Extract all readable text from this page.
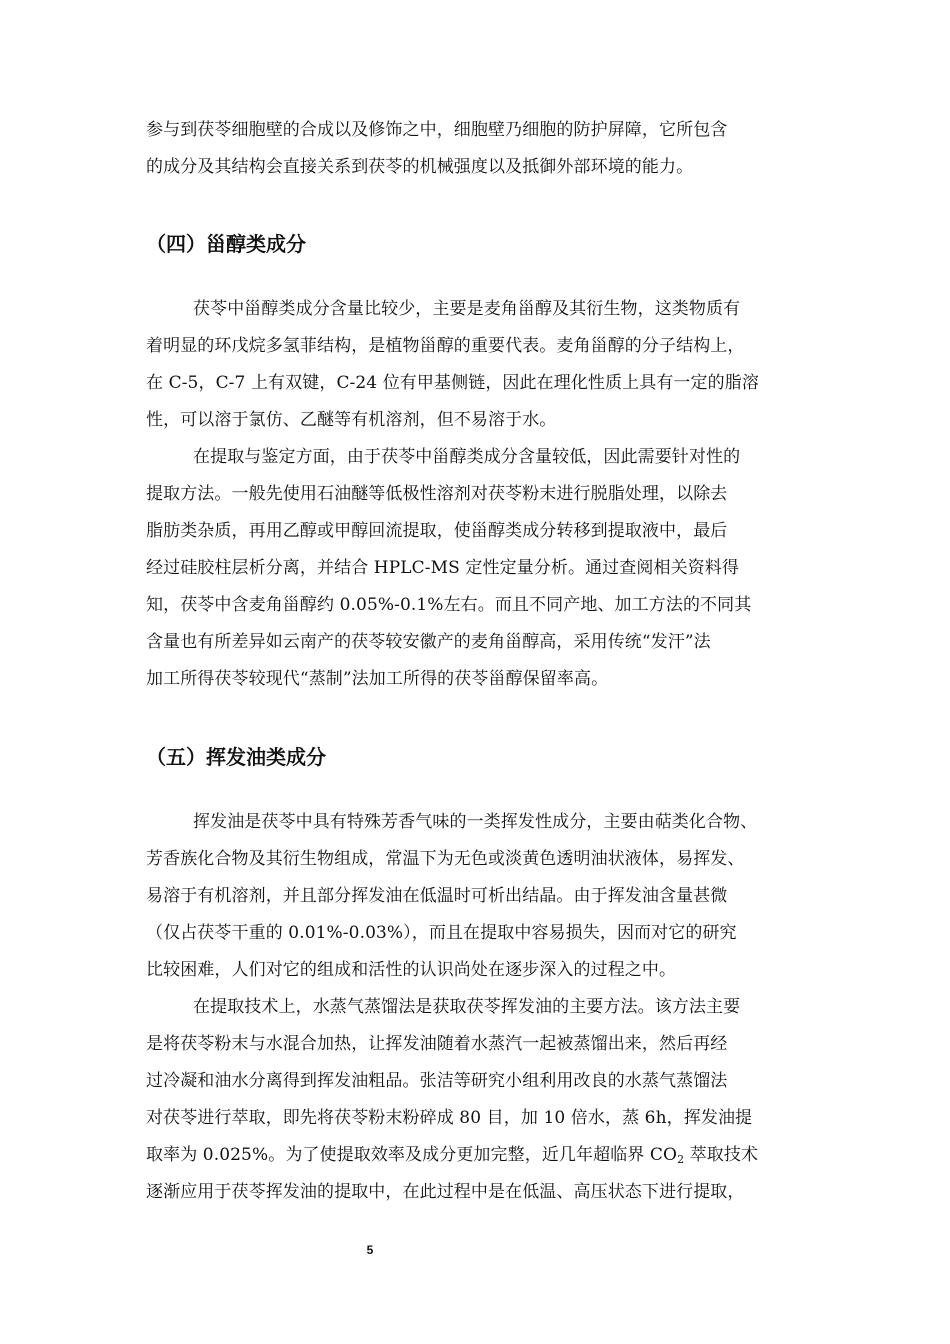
参与到茯苓细胞壁的合成以及修饰之中，细胞壁乃细胞的防护屏障，它所包含
的成分及其结构会直接关系到茯苓的机械强度以及抵御外部环境的能力。
（四）甾醇类成分
茯苓中甾醇类成分含量比较少，主要是麦角甾醇及其衍生物，这类物质有
着明显的环戊烷多氢菲结构，是植物甾醇的重要代表。麦角甾醇的分子结构上，
在 C-5，C-7 上有双键，C-24 位有甲基侧链，因此在理化性质上具有一定的脂溶
性，可以溶于氯仿、乙醚等有机溶剂，但不易溶于水。
在提取与鉴定方面，由于茯苓中甾醇类成分含量较低，因此需要针对性的
提取方法。一般先使用石油醚等低极性溶剂对茯苓粉末进行脱脂处理，以除去
脂肪类杂质，再用乙醇或甲醇回流提取，使甾醇类成分转移到提取液中，最后
经过硅胶柱层析分离，并结合 HPLC-MS 定性定量分析。通过查阅相关资料得
知，茯苓中含麦角甾醇约 0.05%-0.1%左右。而且不同产地、加工方法的不同其
含量也有所差异如云南产的茯苓较安徽产的麦角甾醇高，采用传统“发汗”法
加工所得茯苓较现代“蒸制”法加工所得的茯苓甾醇保留率高。
（五）挥发油类成分
挥发油是茯苓中具有特殊芳香气味的一类挥发性成分，主要由萜类化合物、
芳香族化合物及其衍生物组成，常温下为无色或淡黄色透明油状液体，易挥发、
易溶于有机溶剂，并且部分挥发油在低温时可析出结晶。由于挥发油含量甚微
（仅占茯苓干重的 0.01%-0.03%），而且在提取中容易损失，因而对它的研究
比较困难，人们对它的组成和活性的认识尚处在逐步深入的过程之中。
在提取技术上，水蒸气蒸馏法是获取茯苓挥发油的主要方法。该方法主要
是将茯苓粉末与水混合加热，让挥发油随着水蒸汽一起被蒸馏出来，然后再经
过冷凝和油水分离得到挥发油粗品。张洁等研究小组利用改良的水蒸气蒸馏法
对茯苓进行萃取，即先将茯苓粉末粉碎成 80 目，加 10 倍水，蒸 6h，挥发油提
取率为 0.025%。为了使提取效率及成分更加完整，近几年超临界 $CO_2$ 萃取技术
逐渐应用于茯苓挥发油的提取中，在此过程中是在低温、高压状态下进行提取，
5
